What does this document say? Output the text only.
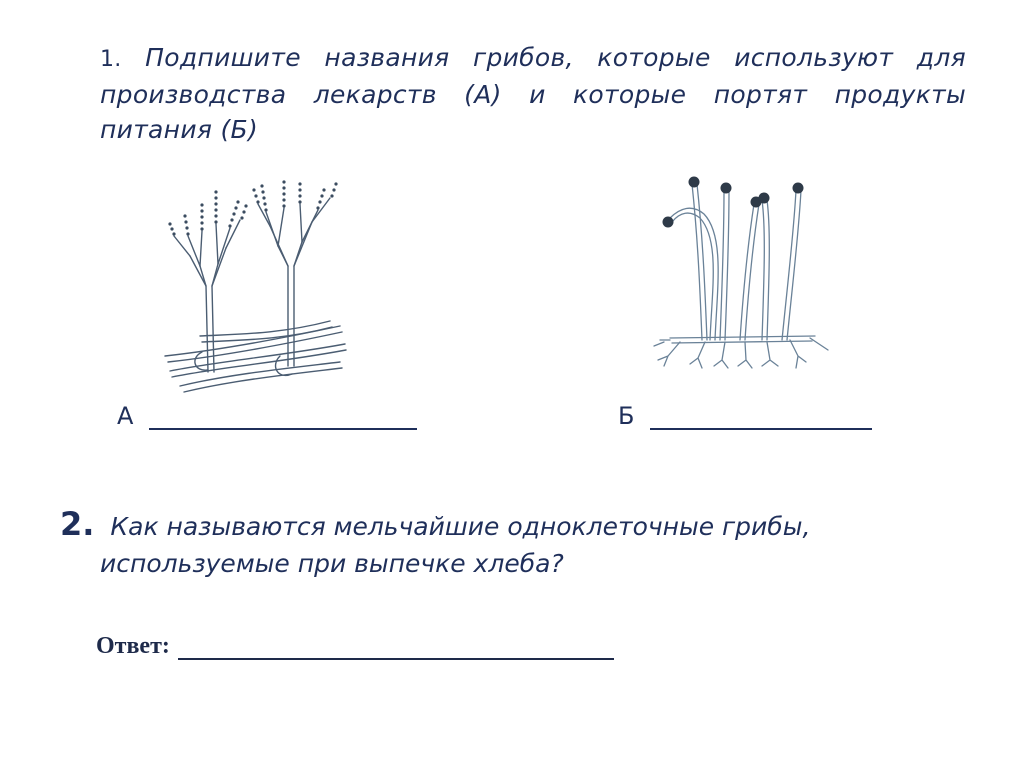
1. Подпишите названия грибов, которые используют для производства лекарств (А) и которые портят продукты питания (Б)
А	Б
2. Как называются мельчайшие одноклеточные грибы,
используемые при выпечке хлеба?
Ответ:
